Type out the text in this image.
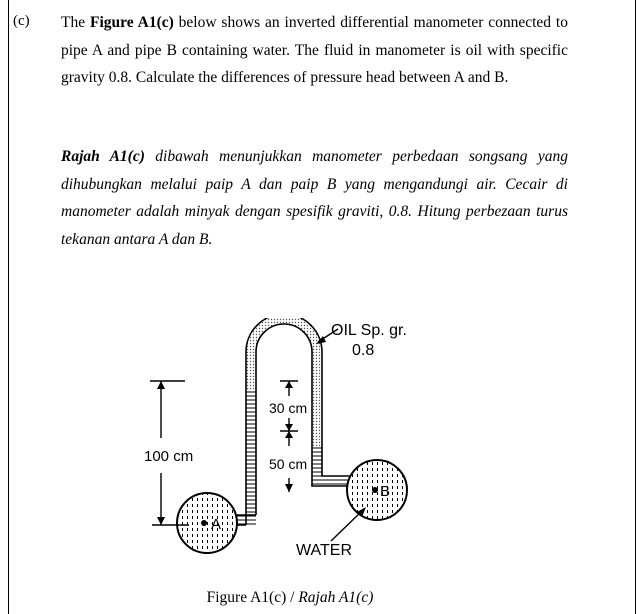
(c) The Figure A1(c) below shows an inverted differential manometer connected to pipe A and pipe B containing water. The fluid in manometer is oil with specific gravity 0.8. Calculate the differences of pressure head between A and B.

Rajah A1(c) dibawah menunjukkan manometer perbedaan songsang yang dihubungkan melalui paip A dan paip B yang mengandungi air. Cecair di manometer adalah minyak dengan spesifik graviti, 0.8. Hitung perbezaan turus tekanan antara A dan B.

A
B
100 cm
30 cm
50 cm
OIL Sp. gr.
0.8
WATER
Figure A1(c) / Rajah A1(c)
